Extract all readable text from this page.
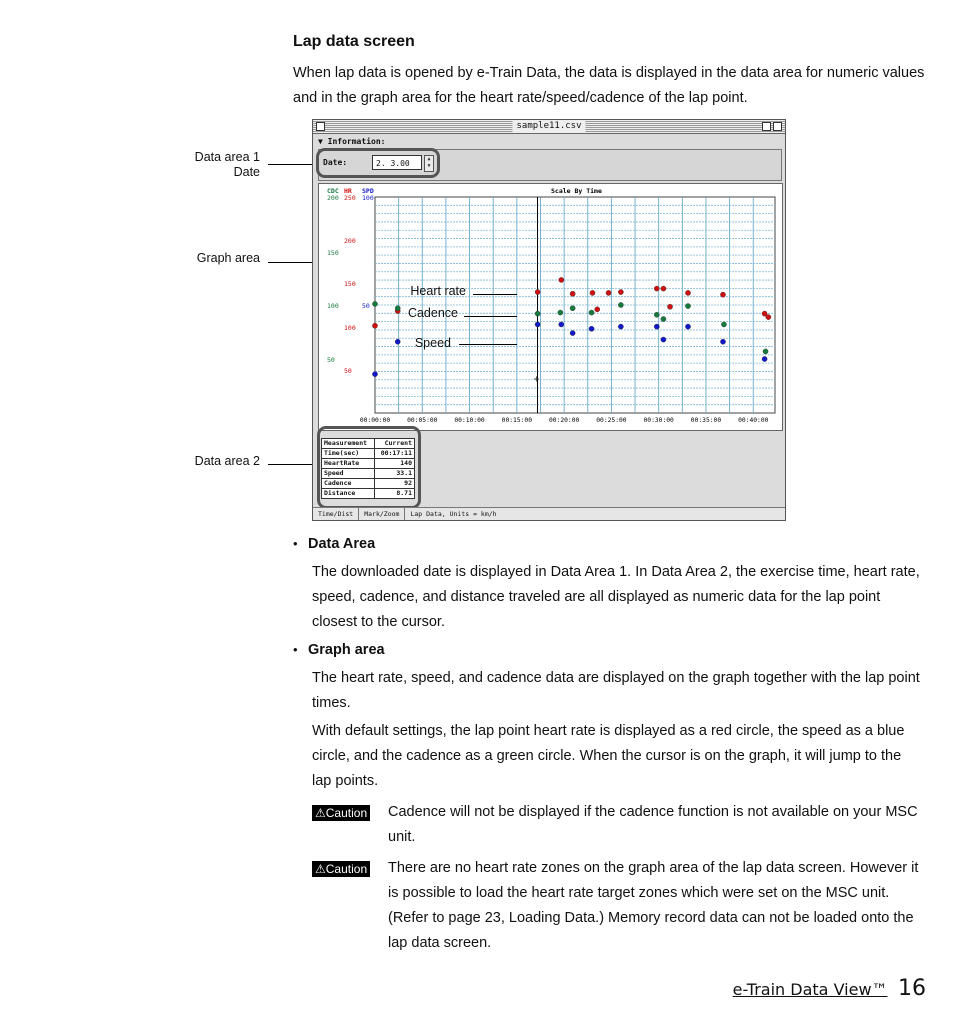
Lap data screen
When lap data is opened by e-Train Data, the data is displayed in the data area for numeric values and in the graph area for the heart rate/speed/cadence of the lap point.
Data area 1
Date
Graph area
Data area 2
sample11.csv
▼ Information:
Date:	2. 3.00	▲
▼
+
CDC HR SPD
200
150
100
50
250
200
150
100
50
100
50
Scale By Time
00:00:00	00:05:00	00:10:00	00:15:00	00:20:00	00:25:00	00:30:00	00:35:00	00:40:00
Measurement	Current
Time(sec)	00:17:11
HeartRate	140
Speed	33.1
Cadence	92
Distance	8.71
Time/Dist Mark/Zoom Lap Data, Units = km/h
Heart rate
Cadence
Speed
• Data Area
The downloaded date is displayed in Data Area 1. In Data Area 2, the exercise time, heart rate, speed, cadence, and distance traveled are all displayed as numeric data for the lap point closest to the cursor.
• Graph area
The heart rate, speed, and cadence data are displayed on the graph together with the lap point times.
With default settings, the lap point heart rate is displayed as a red circle, the speed as a blue circle, and the cadence as a green circle. When the cursor is on the graph, it will jump to the lap points.
⚠Caution Cadence will not be displayed if the cadence function is not available on your MSC unit.
⚠Caution There are no heart rate zones on the graph area of the lap data screen. However it is possible to load the heart rate target zones which were set on the MSC unit. (Refer to page 23, Loading Data.) Memory record data can not be loaded onto the lap data screen.
e-Train Data View™ 16
